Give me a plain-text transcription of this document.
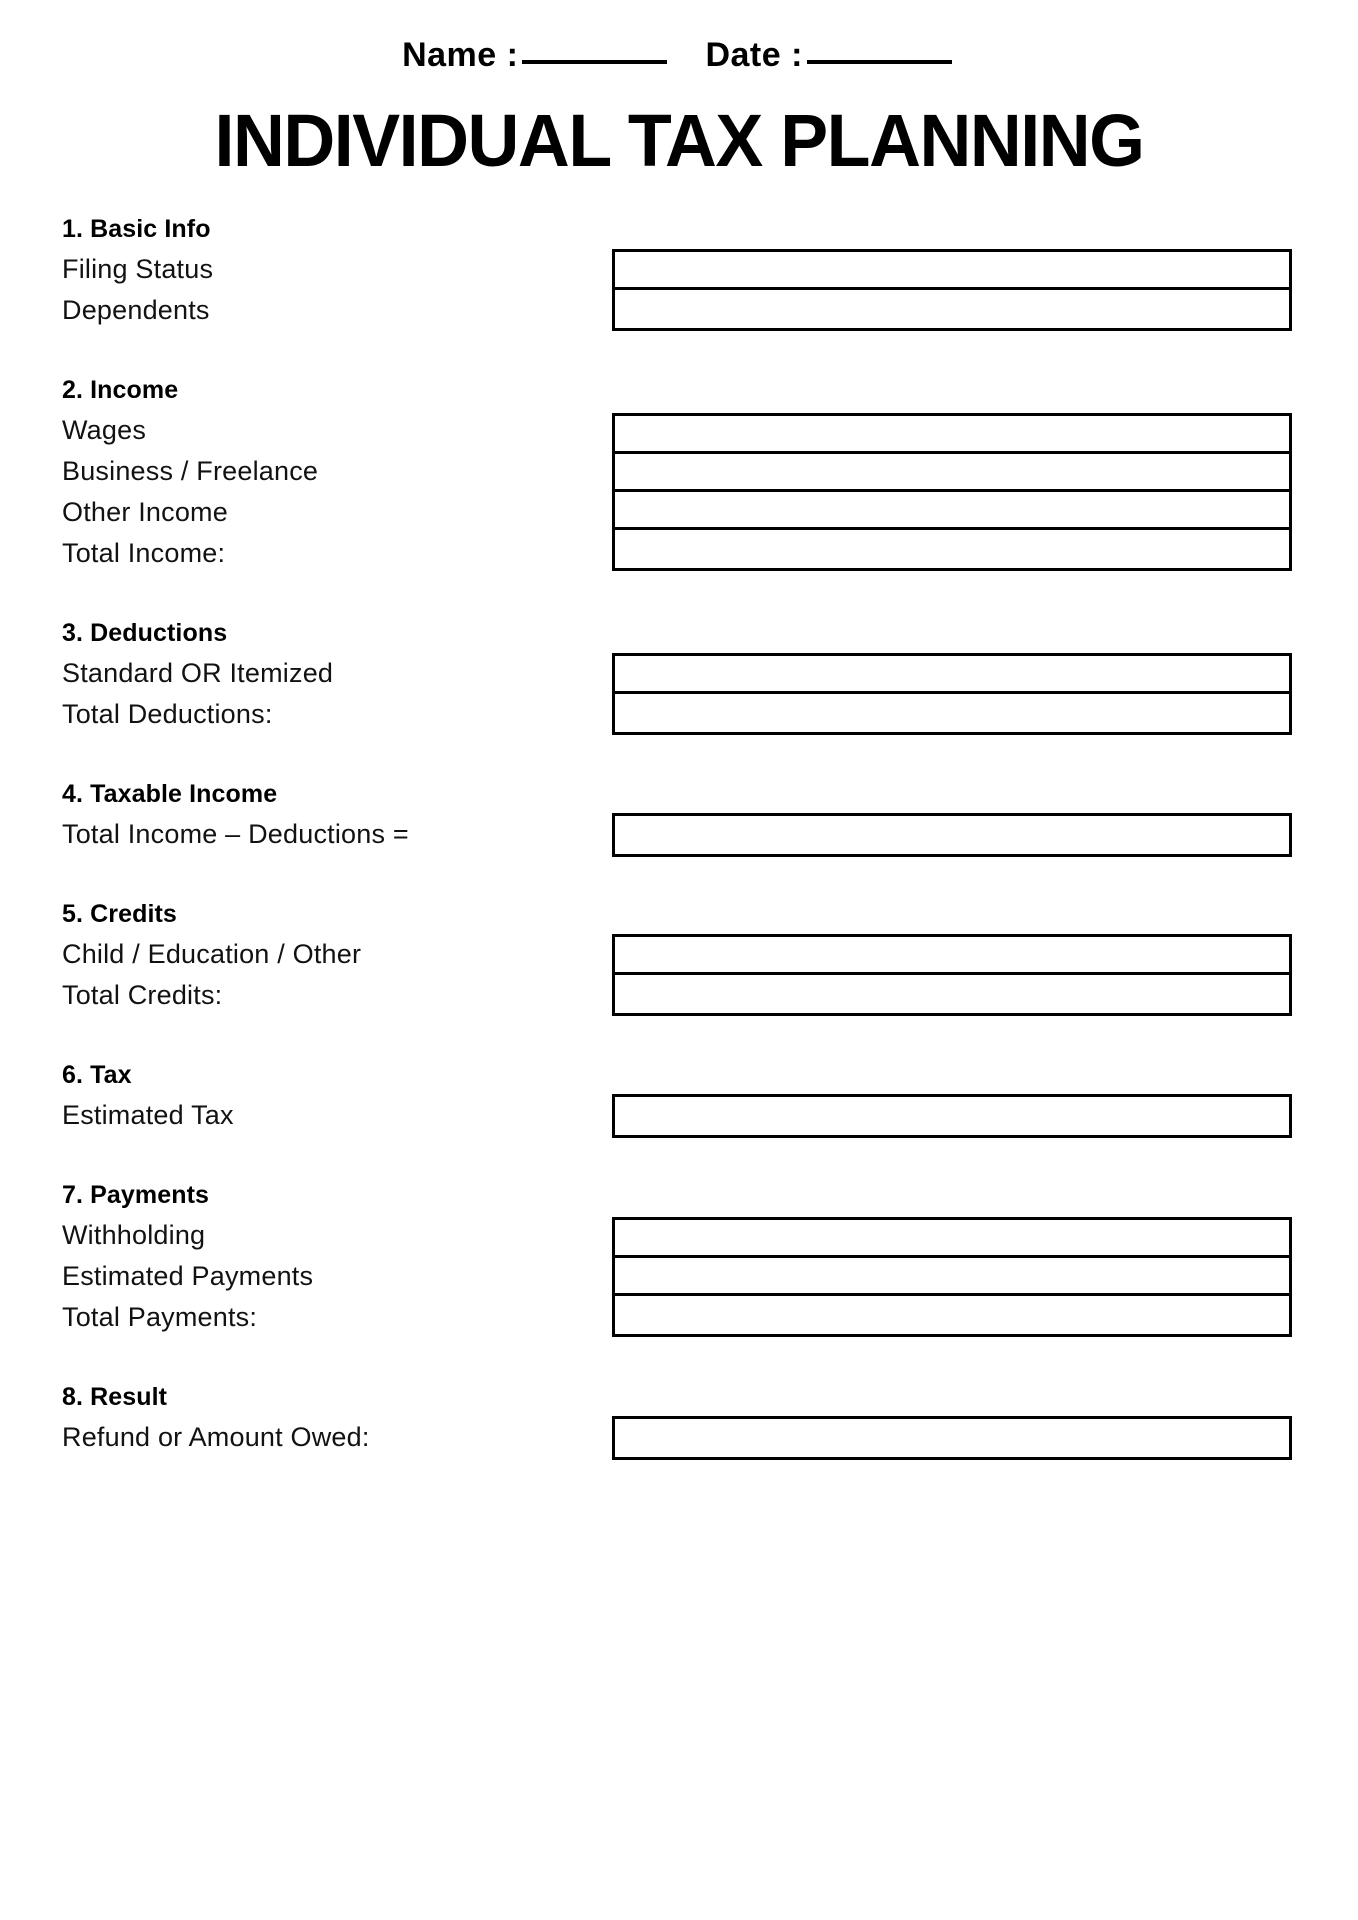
Name :	Date :
INDIVIDUAL TAX PLANNING
1. Basic Info
Filing Status
Dependents
2. Income
Wages
Business / Freelance
Other Income
Total Income:
3. Deductions
Standard OR Itemized
Total Deductions:
4. Taxable Income
Total Income – Deductions =
5. Credits
Child / Education / Other
Total Credits:
6. Tax
Estimated Tax
7. Payments
Withholding
Estimated Payments
Total Payments:
8. Result
Refund or Amount Owed:
